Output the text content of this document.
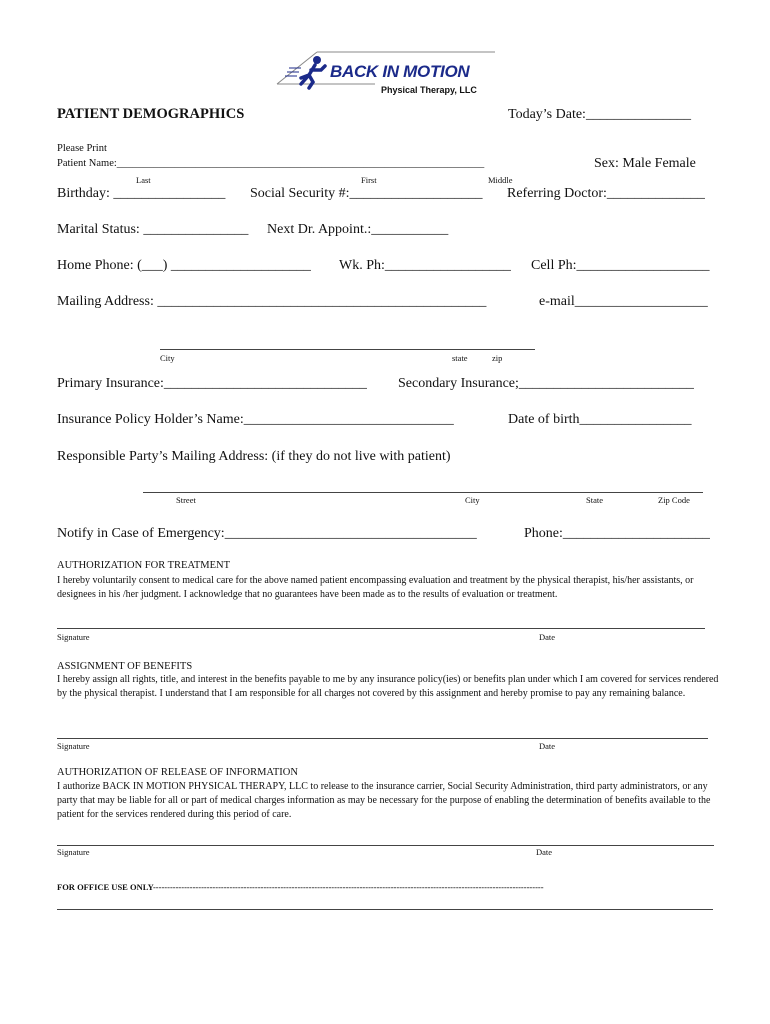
BACK IN MOTION
Physical Therapy, LLC
PATIENT DEMOGRAPHICS	Today’s Date:_______________
Please Print
Patient Name:______________________________________________________________________	Sex: Male Female
Last	First	Middle
Birthday: ________________ Social Security #:___________________ Referring Doctor:______________
Marital Status: _______________ Next Dr. Appoint.:___________
Home Phone: (___) ____________________ Wk. Ph:__________________ Cell Ph:___________________
Mailing Address: _______________________________________________	e-mail___________________
City	state	zip
Primary Insurance:_____________________________ Secondary Insurance;_________________________
Insurance Policy Holder’s Name:______________________________	Date of birth________________
Responsible Party’s Mailing Address: (if they do not live with patient)
Street	City	State	Zip Code
Notify in Case of Emergency:____________________________________	Phone:_____________________
AUTHORIZATION FOR TREATMENT
I hereby voluntarily consent to medical care for the above named patient encompassing evaluation and treatment by the physical therapist, his/her assistants, or designees in his /her judgment. I acknowledge that no guarantees have been made as to the results of evaluation or treatment.
Signature	Date
ASSIGNMENT OF BENEFITS
I hereby assign all rights, title, and interest in the benefits payable to me by any insurance policy(ies) or benefits plan under which I am covered for services rendered by the physical therapist. I understand that I am responsible for all charges not covered by this assignment and hereby promise to pay any remaining balance.
Signature	Date
AUTHORIZATION OF RELEASE OF INFORMATION
I authorize BACK IN MOTION PHYSICAL THERAPY, LLC to release to the insurance carrier, Social Security Administration, third party administrators, or any party that may be liable for all or part of medical charges information as may be necessary for the purpose of enabling the determination of benefits available to the patient for the services rendered during this period of care.
Signature	Date
FOR OFFICE USE ONLY------------------------------------------------------------------------------------------------------------------------------------------
